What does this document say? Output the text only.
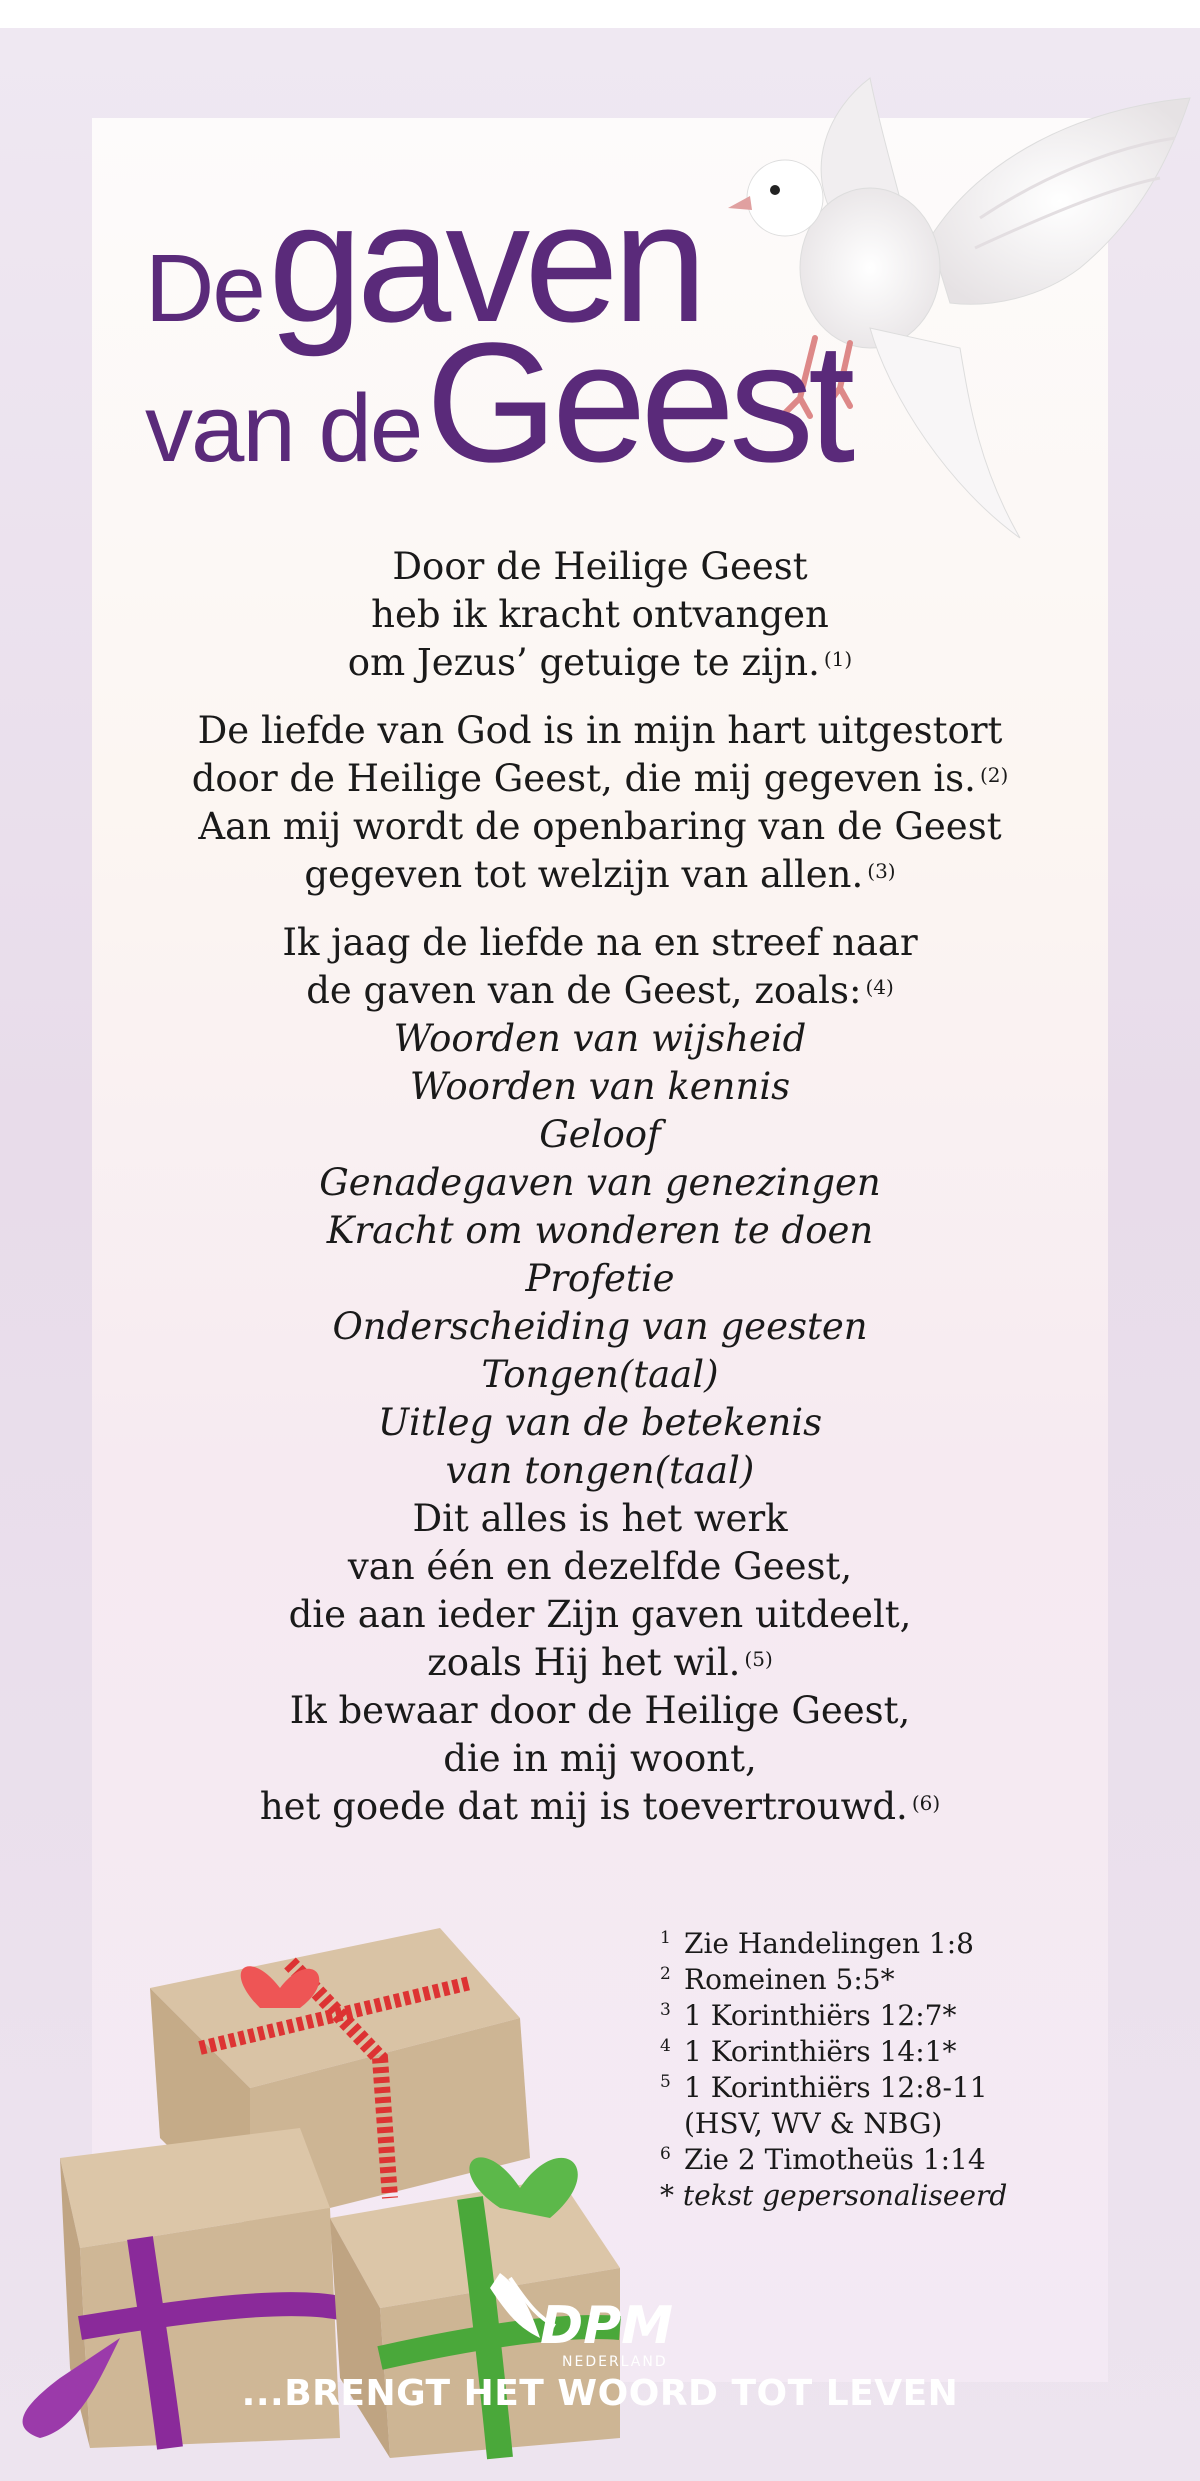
De gaven
van de Geest
Door de Heilige Geest
heb ik kracht ontvangen
om Jezus’ getuige te zijn. $^{(1)}$
De liefde van God is in mijn hart uitgestort
door de Heilige Geest, die mij gegeven is. $^{(2)}$
Aan mij wordt de openbaring van de Geest
gegeven tot welzijn van allen. $^{(3)}$
Ik jaag de liefde na en streef naar
de gaven van de Geest, zoals: $^{(4)}$
Woorden van wijsheid
Woorden van kennis
Geloof
Genadegaven van genezingen
Kracht om wonderen te doen
Profetie
Onderscheiding van geesten
Tongen(taal)
Uitleg van de betekenis
van tongen(taal)
Dit alles is het werk
van één en dezelfde Geest,
die aan ieder Zijn gaven uitdeelt,
zoals Hij het wil. $^{(5)}$
Ik bewaar door de Heilige Geest,
die in mij woont,
het goede dat mij is toevertrouwd. $^{(6)}$
DPM
NEDERLAND
1 Zie Handelingen 1:8
2 Romeinen 5:5*
3 1 Korinthiërs 12:7*
4 1 Korinthiërs 14:1*
5 1 Korinthiërs 12:8-11
(HSV, WV & NBG)
6 Zie 2 Timotheüs 1:14
* tekst gepersonaliseerd
...BRENGT HET WOORD TOT LEVEN
